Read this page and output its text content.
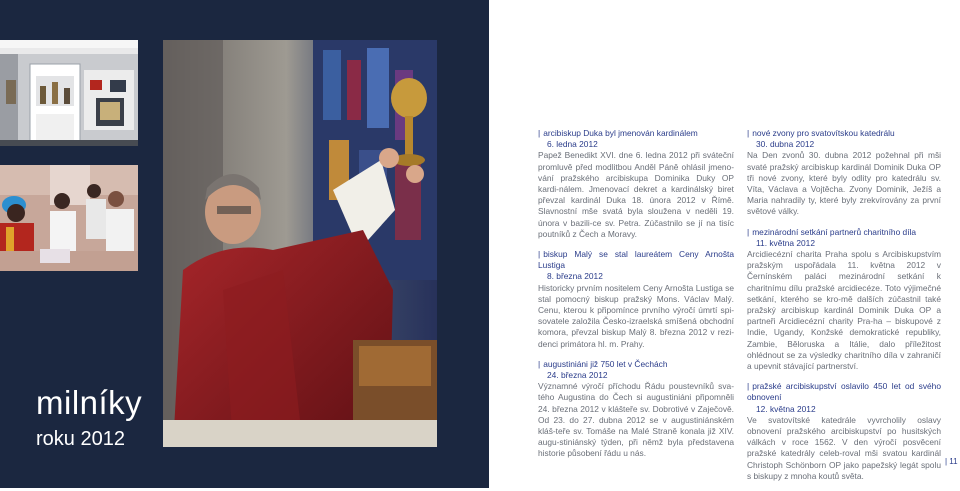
milníky
roku 2012
| arcibiskup Duka byl jmenován kardinálem
6. ledna 2012
Papež Benedikt XVI. dne 6. ledna 2012 při sváteční promluvě před modlitbou Anděl Páně ohlásil jmeno-vání pražského arcibiskupa Dominika Duky OP kardi-nálem. Jmenovací dekret a kardinálský biret převzal kardinál Duka 18. února 2012 v Římě. Slavnostní mše svatá byla sloužena v neděli 19. února v bazili-ce sv. Petra. Zúčastnilo se jí na tisíc poutníků z Čech a Moravy.
| biskup Malý se stal laureátem Ceny Arnošta Lustiga
8. března 2012
Historicky prvním nositelem Ceny Arnošta Lustiga se stal pomocný biskup pražský Mons. Václav Malý. Cenu, kterou k připomínce prvního výročí úmrtí spi-sovatele založila Česko-izraelská smíšená obchodní komora, převzal biskup Malý 8. března 2012 v rezi-denci primátora hl. m. Prahy.
| augustiniáni již 750 let v Čechách
24. března 2012
Významné výročí příchodu Řádu poustevníků sva-tého Augustina do Čech si augustiniáni připomněli 24. března 2012 v klášteře sv. Dobrotivé v Zaječově. Od 23. do 27. dubna 2012 se v augustiniánském kláš-teře sv. Tomáše na Malé Straně konala již XIV. augu-stiniánský týden, při němž byla představena historie působení řádu u nás.
| nové zvony pro svatovítskou katedrálu
30. dubna 2012
Na Den zvonů 30. dubna 2012 požehnal při mši svaté pražský arcibiskup kardinál Dominik Duka OP tři nové zvony, které byly odlity pro katedrálu sv. Víta, Václava a Vojtěcha. Zvony Dominik, Ježíš a Maria nahradily ty, které byly zrekvírovány za první světové války.
| mezinárodní setkání partnerů charitního díla
11. května 2012
Arcidiecézní charita Praha spolu s Arcibiskupstvím pražským uspořádala 11. května 2012 v Černínském paláci mezinárodní setkání k charitnímu dílu pražské arcidiecéze. Toto výjimečné setkání, kterého se kro-mě dalších zúčastnil také pražský arcibiskup kardinál Dominik Duka OP a partneři Arcidiecézní charity Pra-ha – biskupové z Indie, Ugandy, Konžské demokratické republiky, Zambie, Běloruska a Itálie, dalo příležitost ohlédnout se za výsledky charitního díla v zahraničí a upevnit stávající partnerství.
| pražské arcibiskupství oslavilo 450 let od svého obnovení
12. května 2012
Ve svatovítské katedrále vyvrcholily oslavy obnovení pražského arcibiskupství po husitských válkách v roce 1562. V den výročí posvěcení pražské katedrály celeb-roval mši svatou kardinál Christoph Schönborn OP jako papežský legát spolu s biskupy z mnoha koutů světa.
| 11
